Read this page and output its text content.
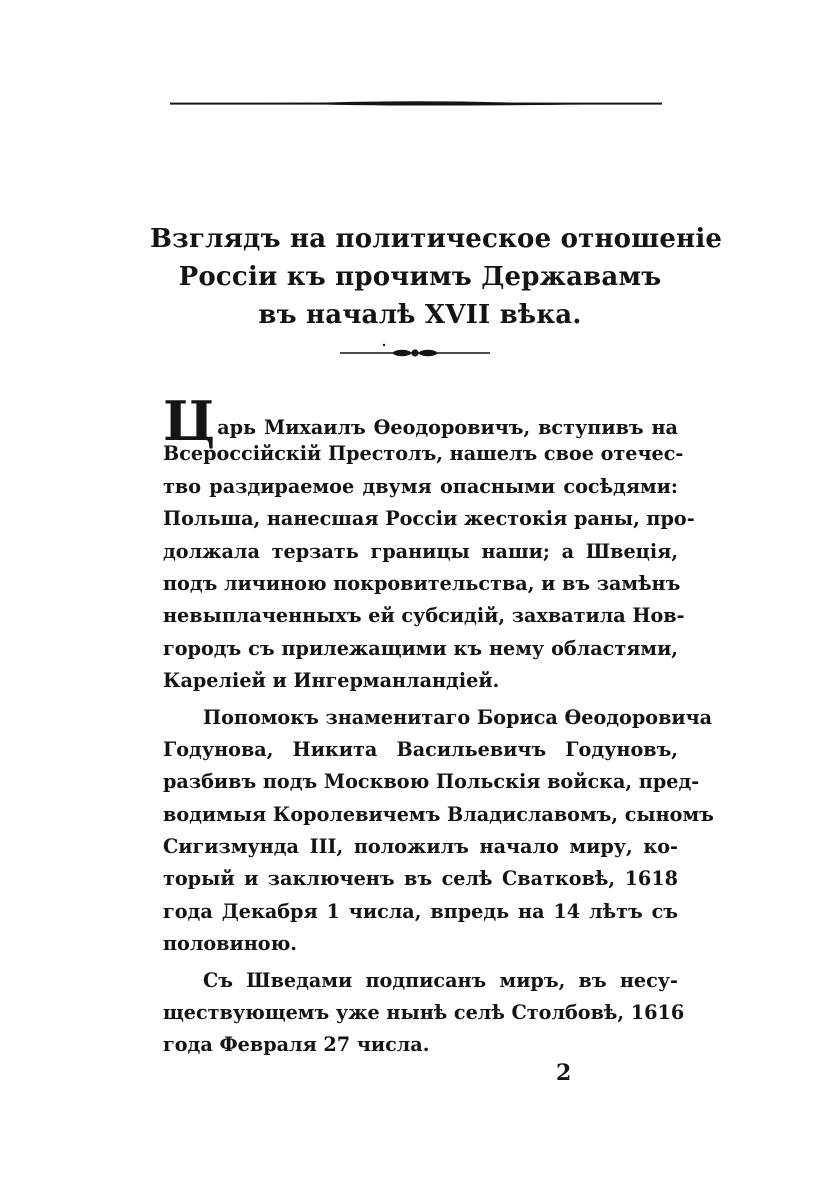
Взглядъ на политическое отношенiе
Россiи къ прочимъ Державамъ
въ началѣ XVII вѣка.
Царь Михаилъ Өеодоровичъ, вступивъ на
Всероссiйскiй Престолъ, нашелъ свое отечес-
тво раздираемое двумя опасными сосѣдями:
Польша, нанесшая Россiи жестокiя раны, про-
должала терзать границы наши; а Швецiя,
подъ личиною покровительства, и въ замѣнъ
невыплаченныхъ ей субсидiй, захватила Нов-
городъ съ прилежащими къ нему областями,
Карелiей и Ингерманландiей.
Попомокъ знаменитаго Бориса Өеодоровича
Годунова, Никита Васильевичъ Годуновъ,
разбивъ подъ Москвою Польскiя войска, пред-
водимыя Королевичемъ Владиславомъ, сыномъ
Сигизмунда III, положилъ начало миру, ко-
торый и заключенъ въ селѣ Сватковѣ, 1618
года Декабря 1 числа, впредь на 14 лѣтъ съ
половиною.
Съ Шведами подписанъ миръ, въ несу-
ществующемъ уже нынѣ селѣ Столбовѣ, 1616
года Февраля 27 числа.
2
